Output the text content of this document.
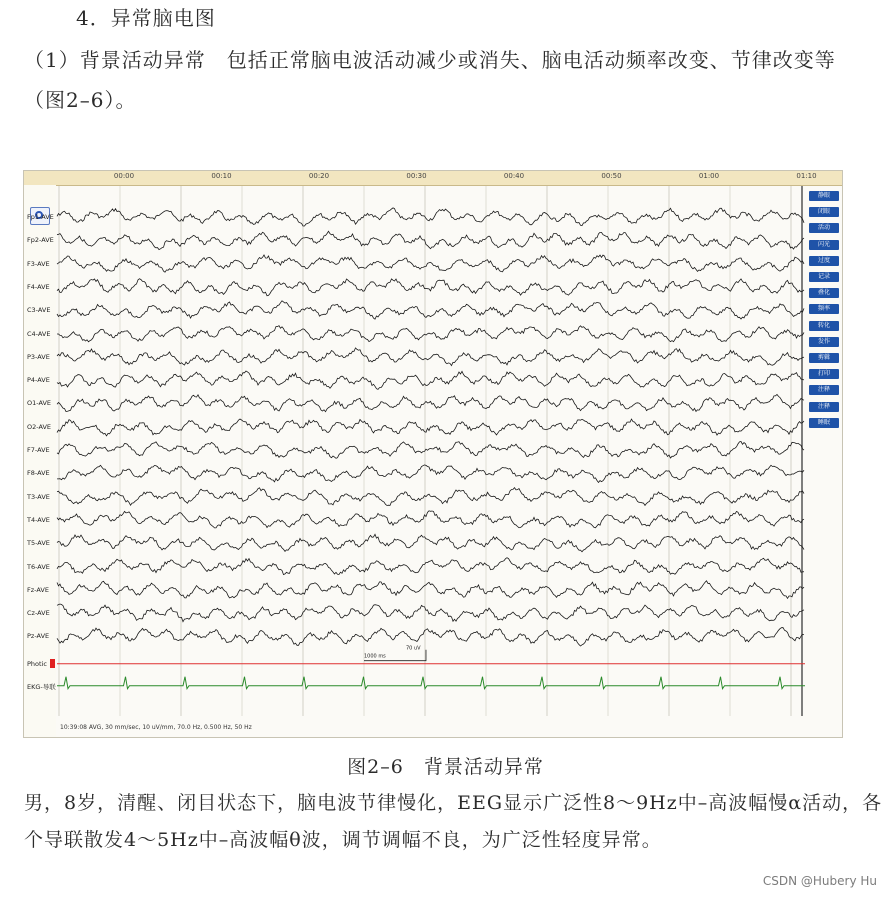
4．异常脑电图
（1）背景活动异常　包括正常脑电波活动减少或消失、脑电活动频率改变、节律改变等（图2–6）。
1000 ms
70 uV
00:00	00:10	00:20	00:30	00:40	00:50	01:00	01:10
Fp1-AVE
Fp2-AVE
F3-AVE
F4-AVE
C3-AVE
C4-AVE
P3-AVE
P4-AVE
O1-AVE
O2-AVE
F7-AVE
F8-AVE
T3-AVE
T4-AVE
T5-AVE
T6-AVE
Fz-AVE
Cz-AVE
Pz-AVE
Photic
EKG-导联
静眼
闭眼
活动
闪光
过度
记录
叠化
频率
转化
发作
剪辑
打印
注释
注释
睡眠
10:39:08 AVG, 30 mm/sec, 10 uV/mm, 70.0 Hz, 0.500 Hz, 50 Hz
图2–6　背景活动异常
男，8岁，清醒、闭目状态下，脑电波节律慢化，EEG显示广泛性8～9Hz中–高波幅慢α活动，各个导联散发4～5Hz中–高波幅θ波，调节调幅不良，为广泛性轻度异常。
CSDN @Hubery Hu
